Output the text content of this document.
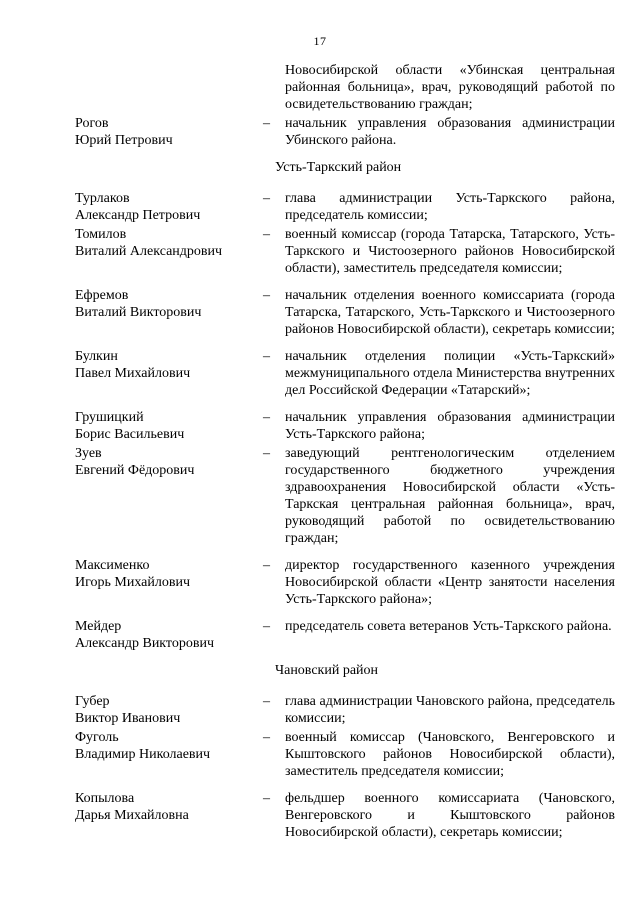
17
Новосибирской области «Убинская центральная районная больница», врач, руководящий работой по освидетельствованию граждан;
Рогов
Юрий Петрович
–	начальник управления образования администрации Убинского района.
Усть-Таркский район
Турлаков
Александр Петрович
–	глава администрации Усть-Таркского района, председатель комиссии;
Томилов
Виталий Александрович
–	военный комиссар (города Татарска, Татарского, Усть-Таркского и Чистоозерного районов Новосибирской области), заместитель председателя комиссии;
Ефремов
Виталий Викторович
–	начальник отделения военного комиссариата (города Татарска, Татарского, Усть-Таркского и Чистоозерного районов Новосибирской области), секретарь комиссии;
Булкин
Павел Михайлович
–	начальник отделения полиции «Усть-Таркский» межмуниципального отдела Министерства внутренних дел Российской Федерации «Татарский»;
Грушицкий
Борис Васильевич
–	начальник управления образования администрации Усть-Таркского района;
Зуев
Евгений Фёдорович
–	заведующий рентгенологическим отделением государственного бюджетного учреждения здравоохранения Новосибирской области «Усть-Таркская центральная районная больница», врач, руководящий работой по освидетельствованию граждан;
Максименко
Игорь Михайлович
–	директор государственного казенного учреждения Новосибирской области «Центр занятости населения Усть-Таркского района»;
Мейдер
Александр Викторович
–	председатель совета ветеранов Усть-Таркского района.
Чановский район
Губер
Виктор Иванович
–	глава администрации Чановского района, председатель комиссии;
Фуголь
Владимир Николаевич
–	военный комиссар (Чановского, Венгеровского и Кыштовского районов Новосибирской области), заместитель председателя комиссии;
Копылова
Дарья Михайловна
–	фельдшер военного комиссариата (Чановского, Венгеровского и Кыштовского районов Новосибирской области), секретарь комиссии;
